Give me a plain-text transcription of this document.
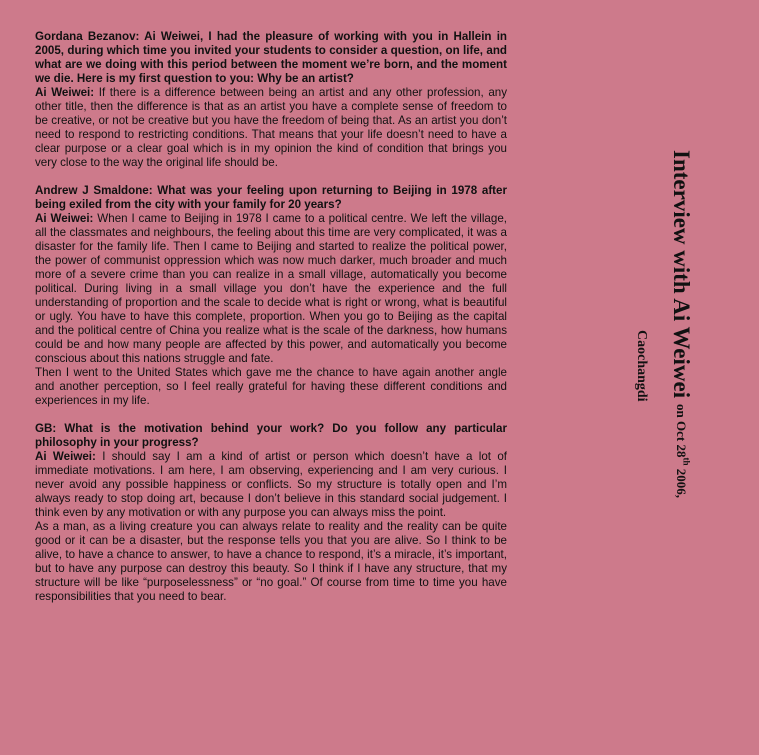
Gordana Bezanov: Ai Weiwei, I had the pleasure of working with you in Hallein in 2005, during which time you invited your students to consider a question, on life, and what are we doing with this period between the moment we’re born, and the moment we die. Here is my first question to you: Why be an artist?

Ai Weiwei: If there is a difference between being an artist and any other profession, any other title, then the difference is that as an artist you have a complete sense of freedom to be creative, or not be creative but you have the freedom of being that. As an artist you don’t need to respond to restricting conditions. That means that your life doesn’t need to have a clear purpose or a clear goal which is in my opinion the kind of condition that brings you very close to the way the original life should be.

Andrew J Smaldone: What was your feeling upon returning to Beijing in 1978 after being exiled from the city with your family for 20 years?

Ai Weiwei: When I came to Beijing in 1978 I came to a political centre. We left the village, all the classmates and neighbours, the feeling about this time are very complicated, it was a disaster for the family life. Then I came to Beijing and started to realize the political power, the power of communist oppression which was now much darker, much broader and much more of a severe crime than you can realize in a small village, automatically you become political. During living in a small village you don’t have the experience and the full understanding of proportion and the scale to decide what is right or wrong, what is beautiful or ugly. You have to have this complete, proportion. When you go to Beijing as the capital and the political centre of China you realize what is the scale of the darkness, how humans could be and how many people are affected by this power, and automatically you become conscious about this nations struggle and fate.

Then I went to the United States which gave me the chance to have again another angle and another perception, so I feel really grateful for having these different conditions and experiences in my life.

GB: What is the motivation behind your work? Do you follow any particular philosophy in your progress?

Ai Weiwei: I should say I am a kind of artist or person which doesn’t have a lot of immediate motivations. I am here, I am observing, experiencing and I am very curious. I never avoid any possible happiness or conflicts. So my structure is totally open and I’m always ready to stop doing art, because I don’t believe in this standard social judgement. I think even by any motivation or with any purpose you can always miss the point.

As a man, as a living creature you can always relate to reality and the reality can be quite good or it can be a disaster, but the response tells you that you are alive. So I think to be alive, to have a chance to answer, to have a chance to respond, it’s a miracle, it’s important, but to have any purpose can destroy this beauty. So I think if I have any structure, that my structure will be like “purposelessness” or “no goal.” Of course from time to time you have responsibilities that you need to bear.

Interview with Ai Weiwei on Oct 28th 2006,
Caochangdi
